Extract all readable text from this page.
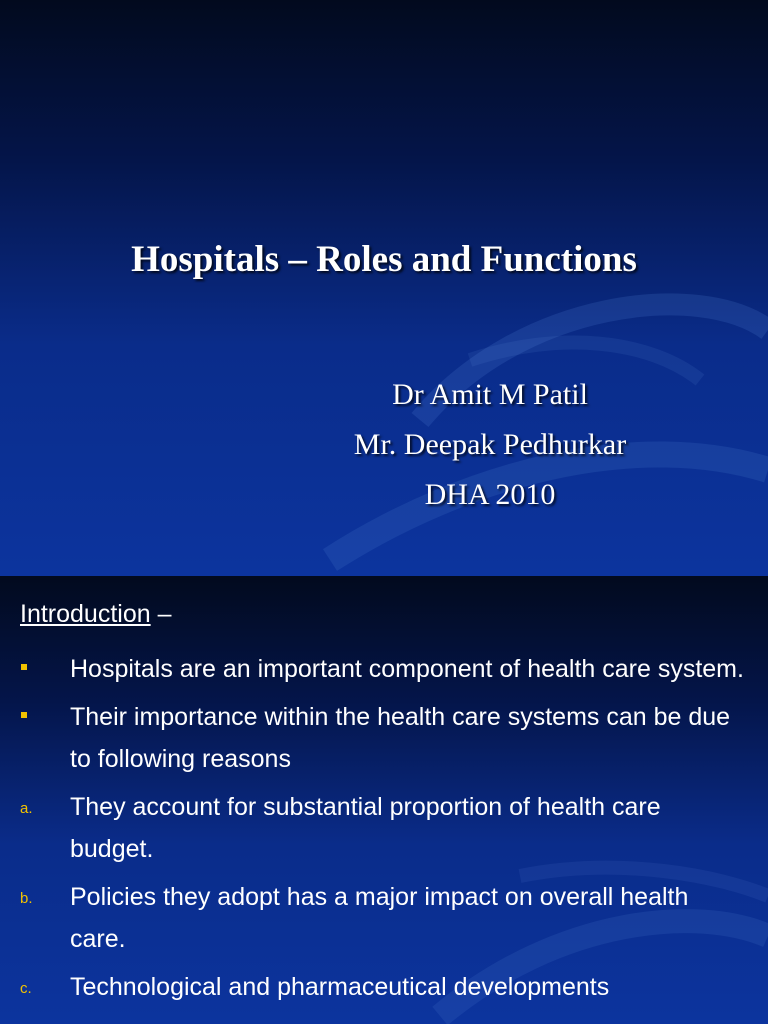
Hospitals – Roles and Functions
Dr Amit M Patil
Mr. Deepak Pedhurkar
DHA 2010
Introduction –
Hospitals are an important component of health care system.
Their importance within the health care systems can be due to following reasons
a. They account for substantial proportion of health care budget.
b. Policies they adopt has a major impact on overall health care.
c. Technological and pharmaceutical developments
